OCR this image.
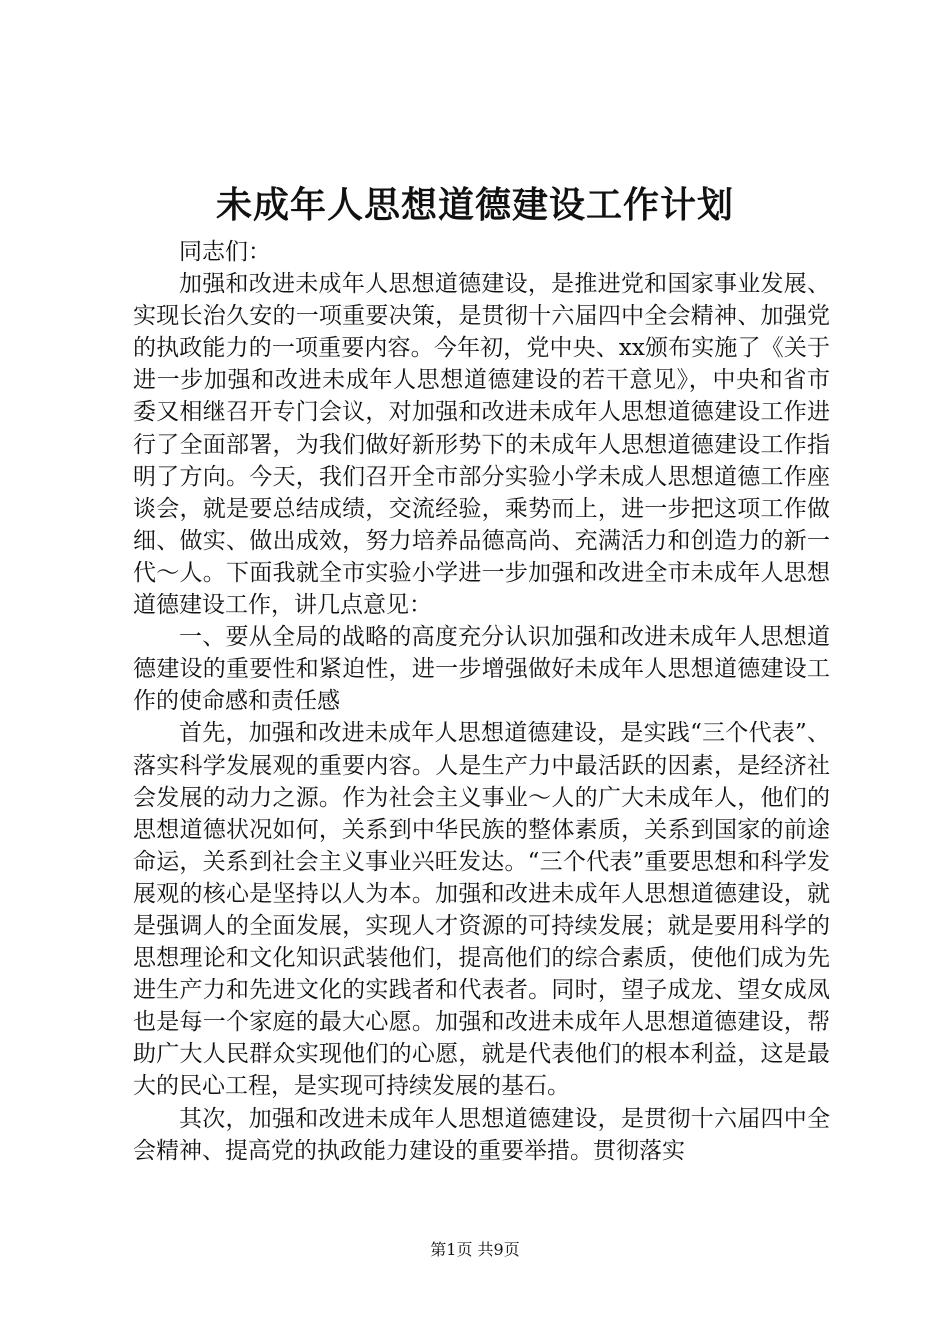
未成年人思想道德建设工作计划

同志们：

加强和改进未成年人思想道德建设，是推进党和国家事业发展、实现长治久安的一项重要决策，是贯彻十六届四中全会精神、加强党的执政能力的一项重要内容。今年初，党中央、xx颁布实施了《关于进一步加强和改进未成年人思想道德建设的若干意见》，中央和省市委又相继召开专门会议，对加强和改进未成年人思想道德建设工作进行了全面部署，为我们做好新形势下的未成年人思想道德建设工作指明了方向。今天，我们召开全市部分实验小学未成人思想道德工作座谈会，就是要总结成绩，交流经验，乘势而上，进一步把这项工作做细、做实、做出成效，努力培养品德高尚、充满活力和创造力的新一代～人。下面我就全市实验小学进一步加强和改进全市未成年人思想道德建设工作，讲几点意见：

一、要从全局的战略的高度充分认识加强和改进未成年人思想道德建设的重要性和紧迫性，进一步增强做好未成年人思想道德建设工作的使命感和责任感

首先，加强和改进未成年人思想道德建设，是实践“三个代表”、落实科学发展观的重要内容。人是生产力中最活跃的因素，是经济社会发展的动力之源。作为社会主义事业～人的广大未成年人，他们的思想道德状况如何，关系到中华民族的整体素质，关系到国家的前途命运，关系到社会主义事业兴旺发达。“三个代表”重要思想和科学发展观的核心是坚持以人为本。加强和改进未成年人思想道德建设，就是强调人的全面发展，实现人才资源的可持续发展；就是要用科学的思想理论和文化知识武装他们，提高他们的综合素质，使他们成为先进生产力和先进文化的实践者和代表者。同时，望子成龙、望女成凤也是每一个家庭的最大心愿。加强和改进未成年人思想道德建设，帮助广大人民群众实现他们的心愿，就是代表他们的根本利益，这是最大的民心工程，是实现可持续发展的基石。

其次，加强和改进未成年人思想道德建设，是贯彻十六届四中全会精神、提高党的执政能力建设的重要举措。贯彻落实

第1页 共9页
